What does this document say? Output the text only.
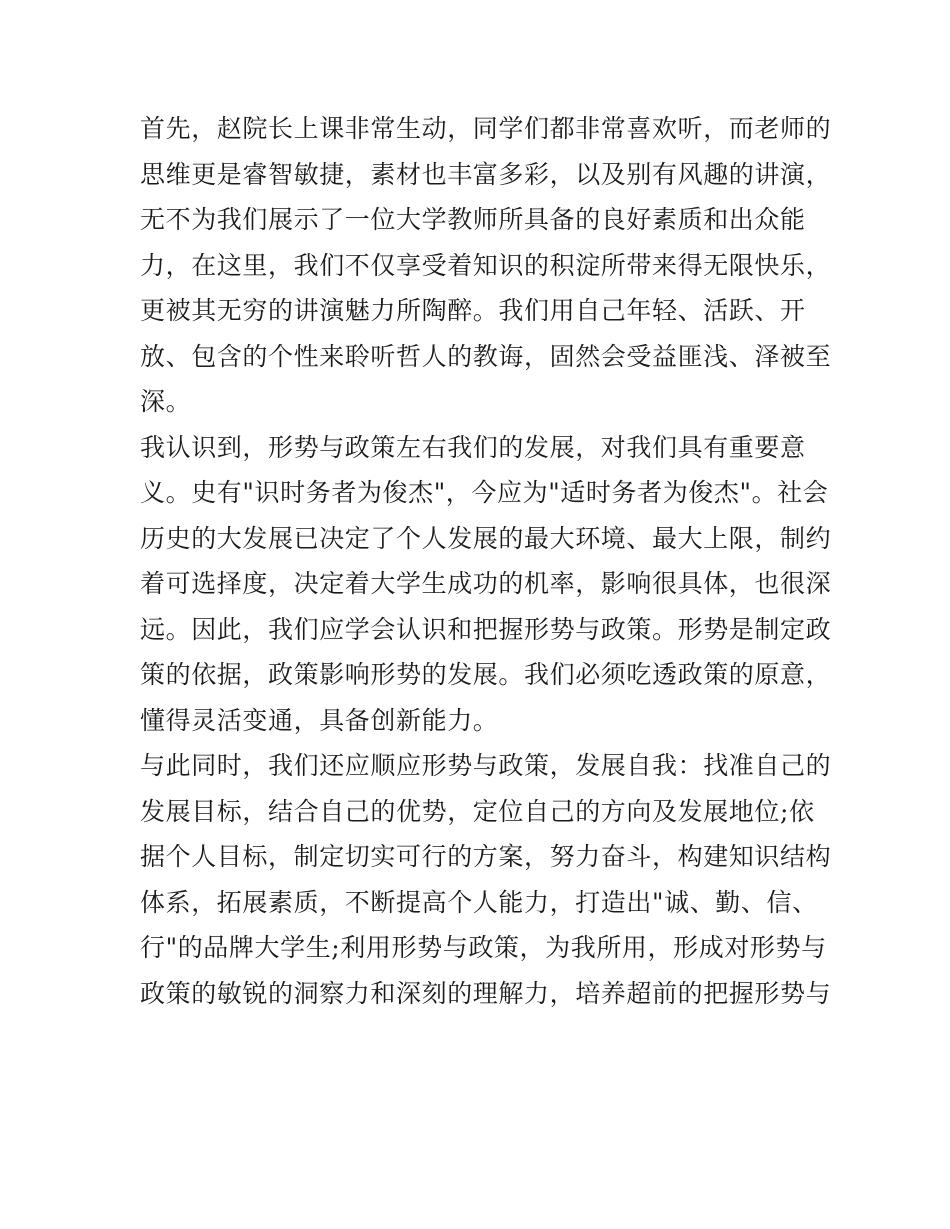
首先，赵院长上课非常生动，同学们都非常喜欢听，而老师的
思维更是睿智敏捷，素材也丰富多彩，以及别有风趣的讲演，
无不为我们展示了一位大学教师所具备的良好素质和出众能
力，在这里，我们不仅享受着知识的积淀所带来得无限快乐，
更被其无穷的讲演魅力所陶醉。我们用自己年轻、活跃、开
放、包含的个性来聆听哲人的教诲，固然会受益匪浅、泽被至
深。
我认识到，形势与政策左右我们的发展，对我们具有重要意
义。史有"识时务者为俊杰"，今应为"适时务者为俊杰"。社会
历史的大发展已决定了个人发展的最大环境、最大上限，制约
着可选择度，决定着大学生成功的机率，影响很具体，也很深
远。因此，我们应学会认识和把握形势与政策。形势是制定政
策的依据，政策影响形势的发展。我们必须吃透政策的原意，
懂得灵活变通，具备创新能力。
与此同时，我们还应顺应形势与政策，发展自我：找准自己的
发展目标，结合自己的优势，定位自己的方向及发展地位;依
据个人目标，制定切实可行的方案，努力奋斗，构建知识结构
体系，拓展素质，不断提高个人能力，打造出"诚、勤、信、
行"的品牌大学生;利用形势与政策，为我所用，形成对形势与
政策的敏锐的洞察力和深刻的理解力，培养超前的把握形势与
